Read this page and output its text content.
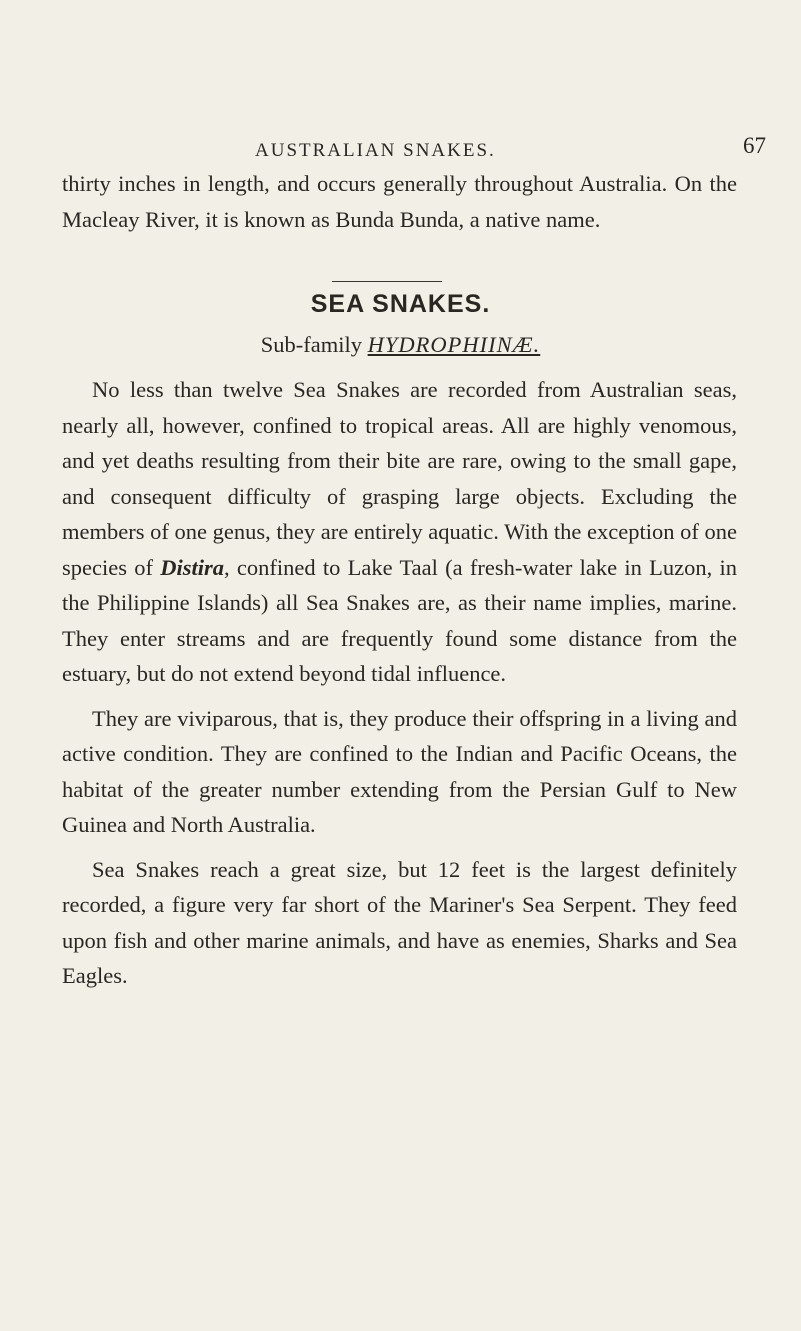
AUSTRALIAN SNAKES.	67

thirty inches in length, and occurs generally throughout Australia. On the Macleay River, it is known as Bunda Bunda, a native name.

SEA SNAKES.
Sub-family HYDROPHIINÆ.

No less than twelve Sea Snakes are recorded from Australian seas, nearly all, however, confined to tropical areas. All are highly venomous, and yet deaths resulting from their bite are rare, owing to the small gape, and consequent difficulty of grasping large objects. Excluding the members of one genus, they are entirely aquatic. With the exception of one species of Distira, confined to Lake Taal (a fresh-water lake in Luzon, in the Philippine Islands) all Sea Snakes are, as their name implies, marine. They enter streams and are frequently found some distance from the estuary, but do not extend beyond tidal influence.

They are viviparous, that is, they produce their offspring in a living and active condition. They are confined to the Indian and Pacific Oceans, the habitat of the greater number extending from the Persian Gulf to New Guinea and North Australia.

Sea Snakes reach a great size, but 12 feet is the largest definitely recorded, a figure very far short of the Mariner's Sea Serpent. They feed upon fish and other marine animals, and have as enemies, Sharks and Sea Eagles.
